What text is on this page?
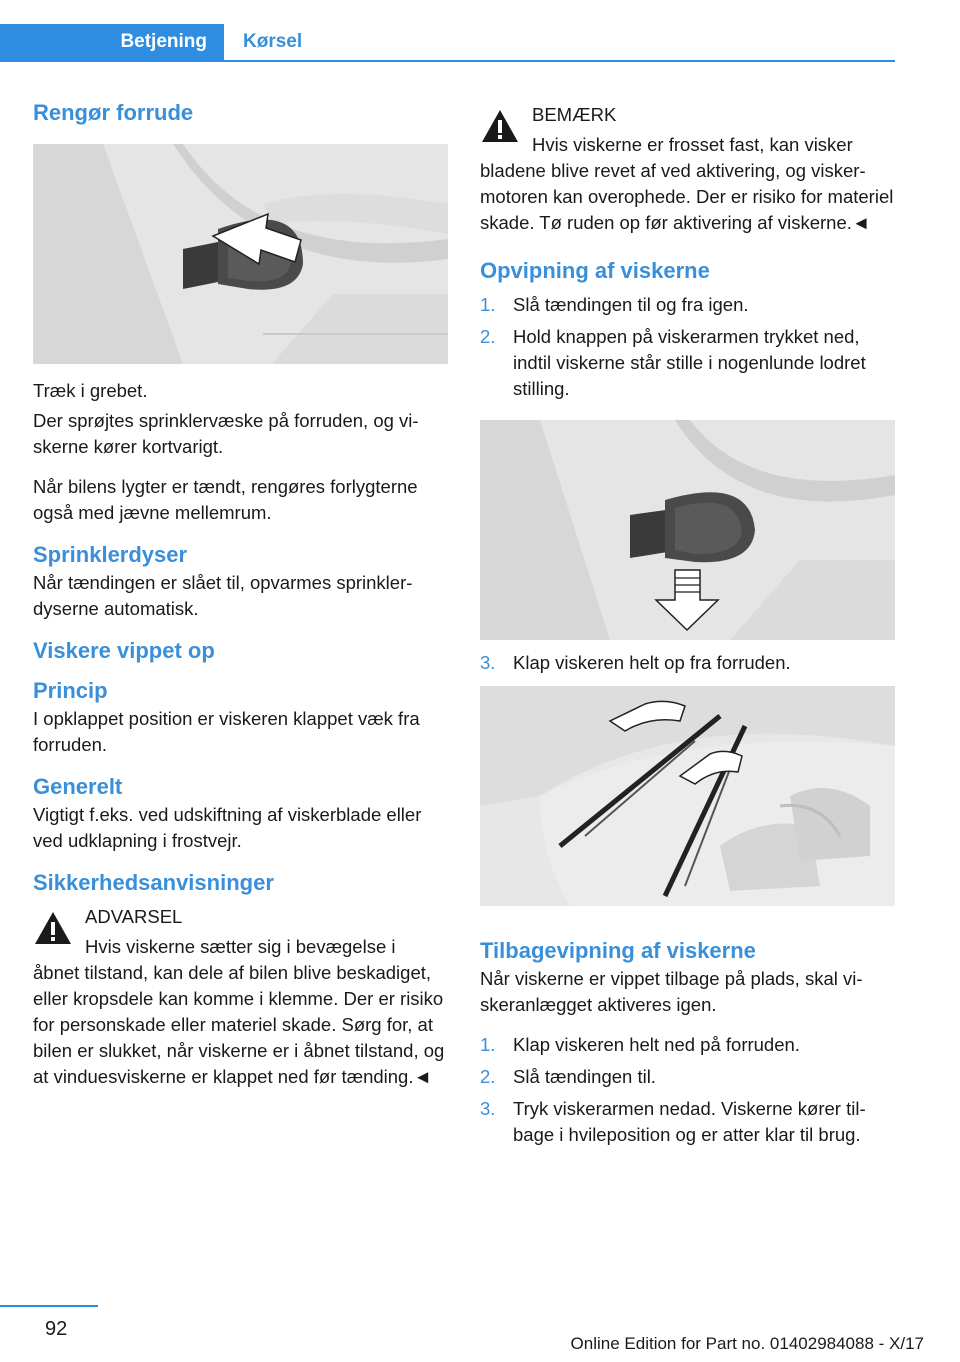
Betjening	Kørsel
Rengør forrude

Træk i grebet.

Der sprøjtes sprinklervæske på forruden, og viskerne kører kortvarigt.

Når bilens lygter er tændt, rengøres forlygterne også med jævne mellemrum.

Sprinklerdyser

Når tændingen er slået til, opvarmes sprinklerdyserne automatisk.

Viskere vippet op
Princip

I opklappet position er viskeren klappet væk fra forruden.

Generelt

Vigtigt f.eks. ved udskiftning af viskerblade eller ved udklapning i frostvejr.

Sikkerhedsanvisninger
ADVARSEL
Hvis viskerne sætter sig i bevægelse i

åbnet tilstand, kan dele af bilen blive beskadiget, eller kropsdele kan komme i klemme. Der er risiko for personskade eller materiel skade. Sørg for, at bilen er slukket, når viskerne er i åbnet tilstand, og at vinduesviskerne er klappet ned før tænding.◄

BEMÆRK
Hvis viskerne er frosset fast, kan visker

bladene blive revet af ved aktivering, og viskermotoren kan overophede. Der er risiko for materiel skade. Tø ruden op før aktivering af viskerne.◄

Opvipning af viskerne
1. Slå tændingen til og fra igen.
2. Hold knappen på viskerarmen trykket ned, indtil viskerne står stille i nogenlunde lodret stilling.
3. Klap viskeren helt op fra forruden.
Tilbagevipning af viskerne

Når viskerne er vippet tilbage på plads, skal viskeranlægget aktiveres igen.

1. Klap viskeren helt ned på forruden.
2. Slå tændingen til.
3. Tryk viskerarmen nedad. Viskerne kører tilbage i hvileposition og er atter klar til brug.
92
Online Edition for Part no. 01402984088 - X/17
